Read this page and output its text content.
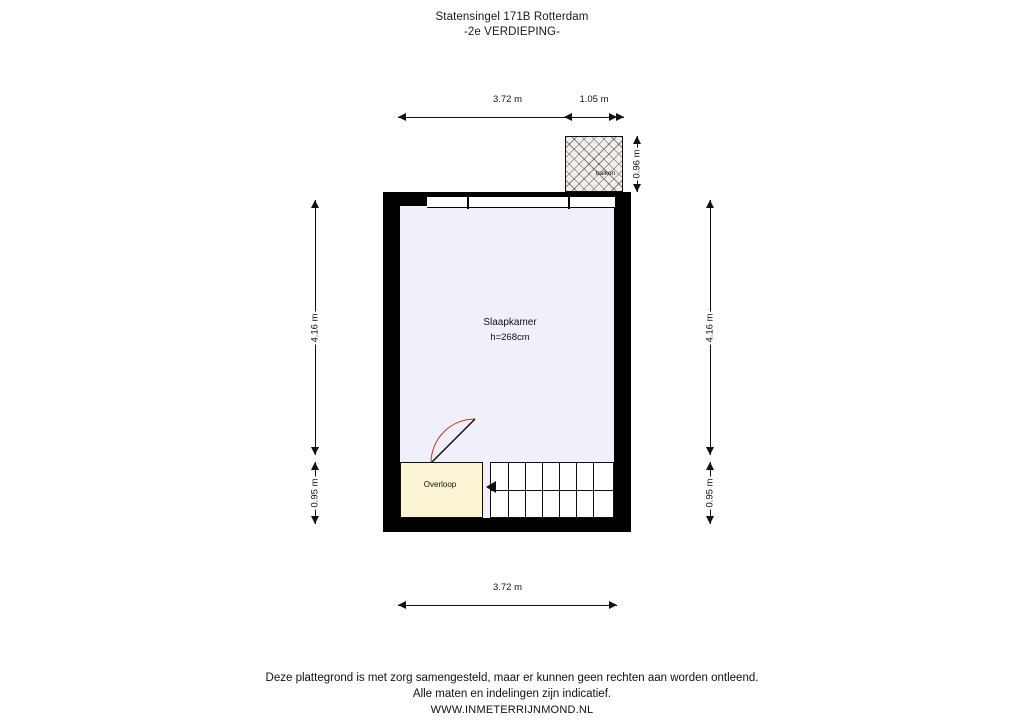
Statensingel 171B Rotterdam
-2e VERDIEPING-
3.72 m	1.05 m
0.96 m
4.16 m
0.95 m
4.16 m
0.95 m
balkon
Overloop
Slaapkamer
h=268cm
3.72 m
Deze plattegrond is met zorg samengesteld, maar er kunnen geen rechten aan worden ontleend.
Alle maten en indelingen zijn indicatief.
WWW.INMETERRIJNMOND.NL
